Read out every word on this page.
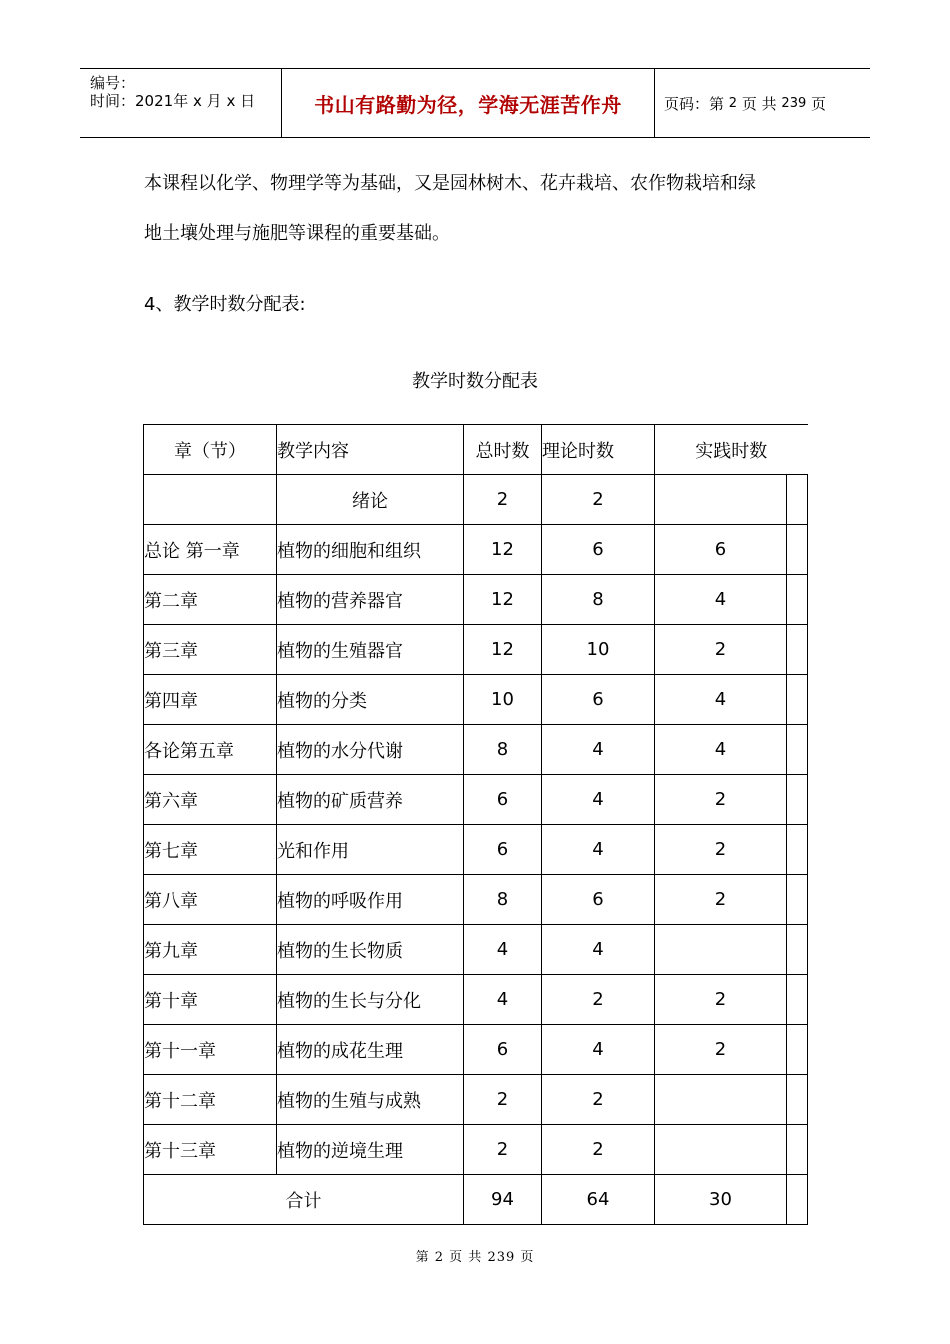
编号：
时间：2021年 x 月 x 日	书山有路勤为径，学海无涯苦作舟	页码：第
2
页 共
239
页
本课程以化学、物理学等为基础，又是园林树木、花卉栽培、农作物栽培和绿
地土壤处理与施肥等课程的重要基础。
4、教学时数分配表:
教学时数分配表
章（节）	教学内容	总时数	理论时数	实践时数	
	绪论	2	2		
总论 第一章	植物的细胞和组织	12	6	6	
第二章	植物的营养器官	12	8	4	
第三章	植物的生殖器官	12	10	2	
第四章	植物的分类	10	6	4	
各论第五章	植物的水分代谢	8	4	4	
第六章	植物的矿质营养	6	4	2	
第七章	光和作用	6	4	2	
第八章	植物的呼吸作用	8	6	2	
第九章	植物的生长物质	4	4		
第十章	植物的生长与分化	4	2	2	
第十一章	植物的成花生理	6	4	2	
第十二章	植物的生殖与成熟	2	2		
第十三章	植物的逆境生理	2	2		
合计		94	64	30	
第 2 页 共 239 页
